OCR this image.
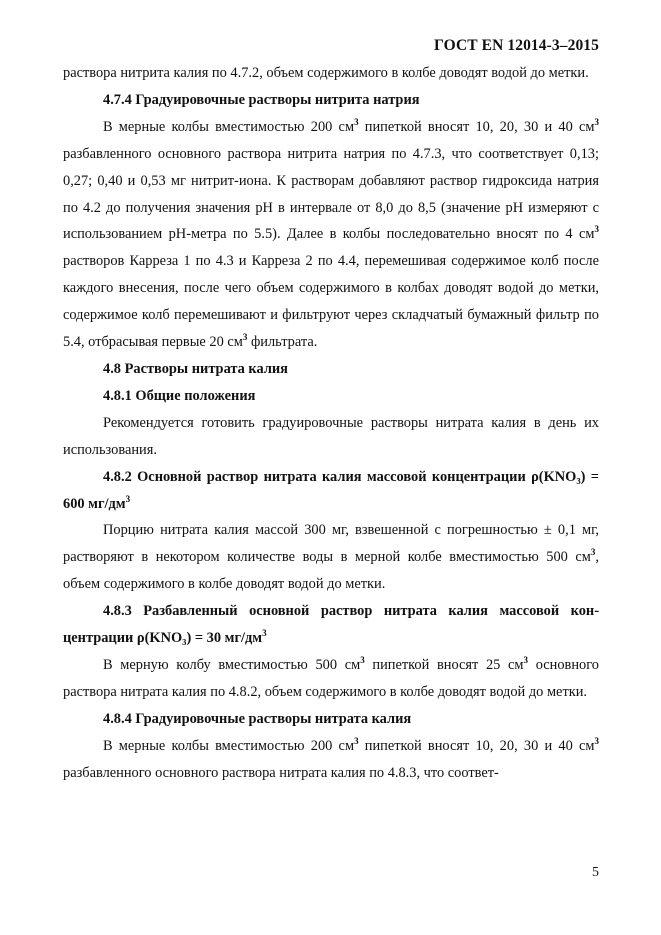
ГОСТ EN 12014-3–2015

раствора нитрита калия по 4.7.2, объем содержимого в колбе доводят водой до метки.

4.7.4 Градуировочные растворы нитрита натрия

В мерные колбы вместимостью 200 $см^3$ пипеткой вносят 10, 20, 30 и 40 $см^3$ разбавленного основного раствора нитрита натрия по 4.7.3, что соответствует 0,13; 0,27; 0,40 и 0,53 мг нитрит-иона. К растворам добавляют раствор гидроксида натрия по 4.2 до получения значения pH в интервале от 8,0 до 8,5 (значение pH измеряют с использованием pH-метра по 5.5). Далее в колбы последовательно вносят по 4 $см^3$ растворов Карреза 1 по 4.3 и Карреза 2 по 4.4, перемешивая содержимое колб после каждого внесения, после чего объем содержимого в колбах доводят водой до метки, содержимое колб перемешивают и фильтруют через складчатый бумажный фильтр по 5.4, отбрасывая первые 20 $см^3$ фильтрата.

4.8 Растворы нитрата калия

4.8.1 Общие положения

Рекомендуется готовить градуировочные растворы нитрата калия в день их использования.

4.8.2 Основной раствор нитрата калия массовой концентрации ρ(KNO₃) = 600 $мг/дм^3$

Порцию нитрата калия массой 300 мг, взвешенной с погрешностью ± 0,1 мг, растворяют в некотором количестве воды в мерной колбе вместимостью 500 $см^3$, объем содержимого в колбе доводят водой до метки.

4.8.3 Разбавленный основной раствор нитрата калия массовой концентрации ρ(KNO₃) = 30 $мг/дм^3$

В мерную колбу вместимостью 500 $см^3$ пипеткой вносят 25 $см^3$ основного раствора нитрата калия по 4.8.2, объем содержимого в колбе доводят водой до метки.

4.8.4 Градуировочные растворы нитрата калия

В мерные колбы вместимостью 200 $см^3$ пипеткой вносят 10, 20, 30 и 40 $см^3$ разбавленного основного раствора нитрата калия по 4.8.3, что соответ-

5
